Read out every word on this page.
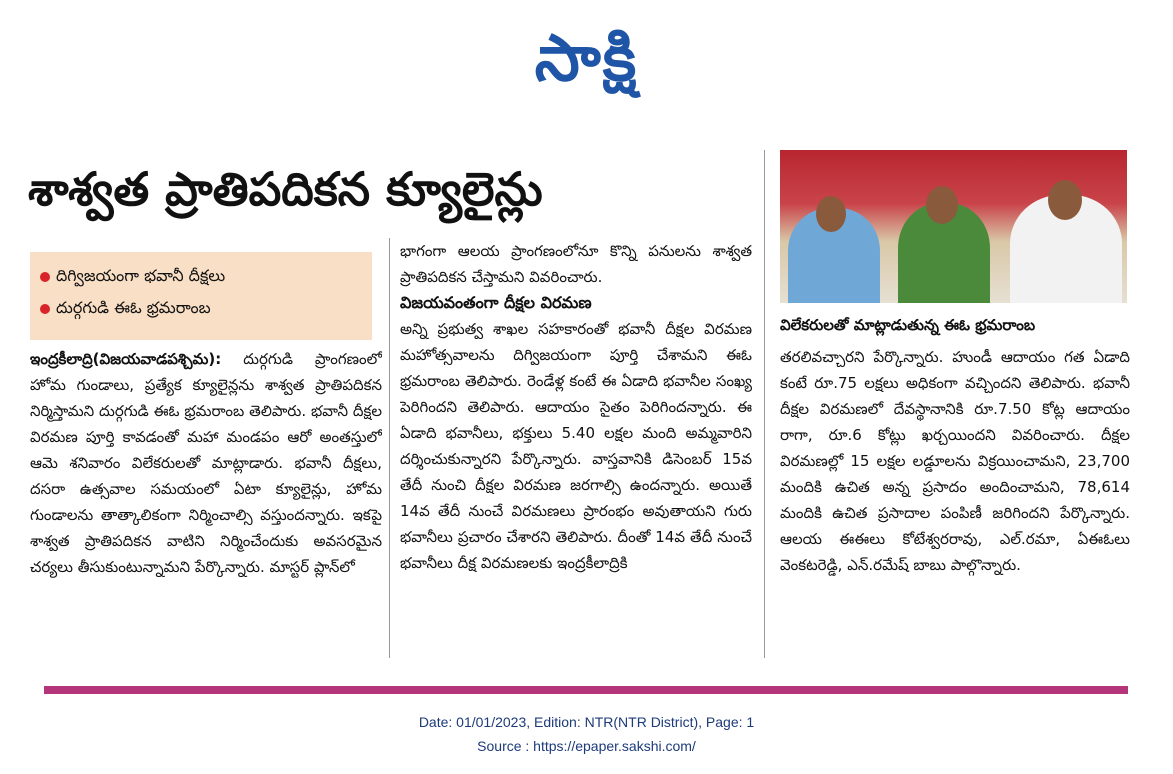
సాక్షి
శాశ్వత ప్రాతిపదికన క్యూలైన్లు
దిగ్విజయంగా భవానీ దీక్షలు
దుర్గగుడి ఈఓ భ్రమరాంబ

ఇంద్రకీలాద్రి(విజయవాడపశ్చిమ): దుర్గగుడి ప్రాంగణంలో హోమ గుండాలు, ప్రత్యేక క్యూలైన్లను శాశ్వత ప్రాతిపదికన నిర్మిస్తామని దుర్గగుడి ఈఓ భ్రమరాంబ తెలిపారు. భవానీ దీక్షల విరమణ పూర్తి కావడంతో మహా మండపం ఆరో అంతస్తులో ఆమె శనివారం విలేకరులతో మాట్లాడారు. భవానీ దీక్షలు, దసరా ఉత్సవాల సమయంలో ఏటా క్యూలైన్లు, హోమ గుండాలను తాత్కాలికంగా నిర్మించాల్సి వస్తుందన్నారు. ఇకపై శాశ్వత ప్రాతిపదికన వాటిని నిర్మించేందుకు అవసరమైన చర్యలు తీసుకుంటున్నామని పేర్కొన్నారు. మాస్టర్ ప్లాన్‌లో

భాగంగా ఆలయ ప్రాంగణంలోనూ కొన్ని పనులను శాశ్వత ప్రాతిపదికన చేస్తామని వివరించారు.

విజయవంతంగా దీక్షల విరమణ

అన్ని ప్రభుత్వ శాఖల సహకారంతో భవానీ దీక్షల విరమణ మహోత్సవాలను దిగ్విజయంగా పూర్తి చేశామని ఈఓ భ్రమరాంబ తెలిపారు. రెండేళ్ల కంటే ఈ ఏడాది భవానీల సంఖ్య పెరిగిందని తెలిపారు. ఆదాయం సైతం పెరిగిందన్నారు. ఈ ఏడాది భవానీలు, భక్తులు 5.40 లక్షల మంది అమ్మవారిని దర్శించుకున్నారని పేర్కొన్నారు. వాస్తవానికి డిసెంబర్ 15వ తేదీ నుంచి దీక్షల విరమణ జరగాల్సి ఉందన్నారు. అయితే 14వ తేదీ నుంచే విరమణలు ప్రారంభం అవుతాయని గురు భవానీలు ప్రచారం చేశారని తెలిపారు. దీంతో 14వ తేదీ నుంచే భవానీలు దీక్ష విరమణలకు ఇంద్రకీలాద్రికి

విలేకరులతో మాట్లాడుతున్న ఈఓ భ్రమరాంబ

తరలివచ్చారని పేర్కొన్నారు. హుండీ ఆదాయం గత ఏడాది కంటే రూ.75 లక్షలు అధికంగా వచ్చిందని తెలిపారు. భవానీ దీక్షల విరమణలో దేవస్థానానికి రూ.7.50 కోట్ల ఆదాయం రాగా, రూ.6 కోట్లు ఖర్చయిందని వివరించారు. దీక్షల విరమణల్లో 15 లక్షల లడ్డూలను విక్రయించామని, 23,700 మందికి ఉచిత అన్న ప్రసాదం అందించామని, 78,614 మందికి ఉచిత ప్రసాదాల పంపిణీ జరిగిందని పేర్కొన్నారు. ఆలయ ఈఈలు కోటేశ్వరరావు, ఎల్.రమా, ఏఈఓలు వెంకటరెడ్డి, ఎన్.రమేష్ బాబు పాల్గొన్నారు.

Date: 01/01/2023, Edition: NTR(NTR District), Page: 1
Source : https://epaper.sakshi.com/
